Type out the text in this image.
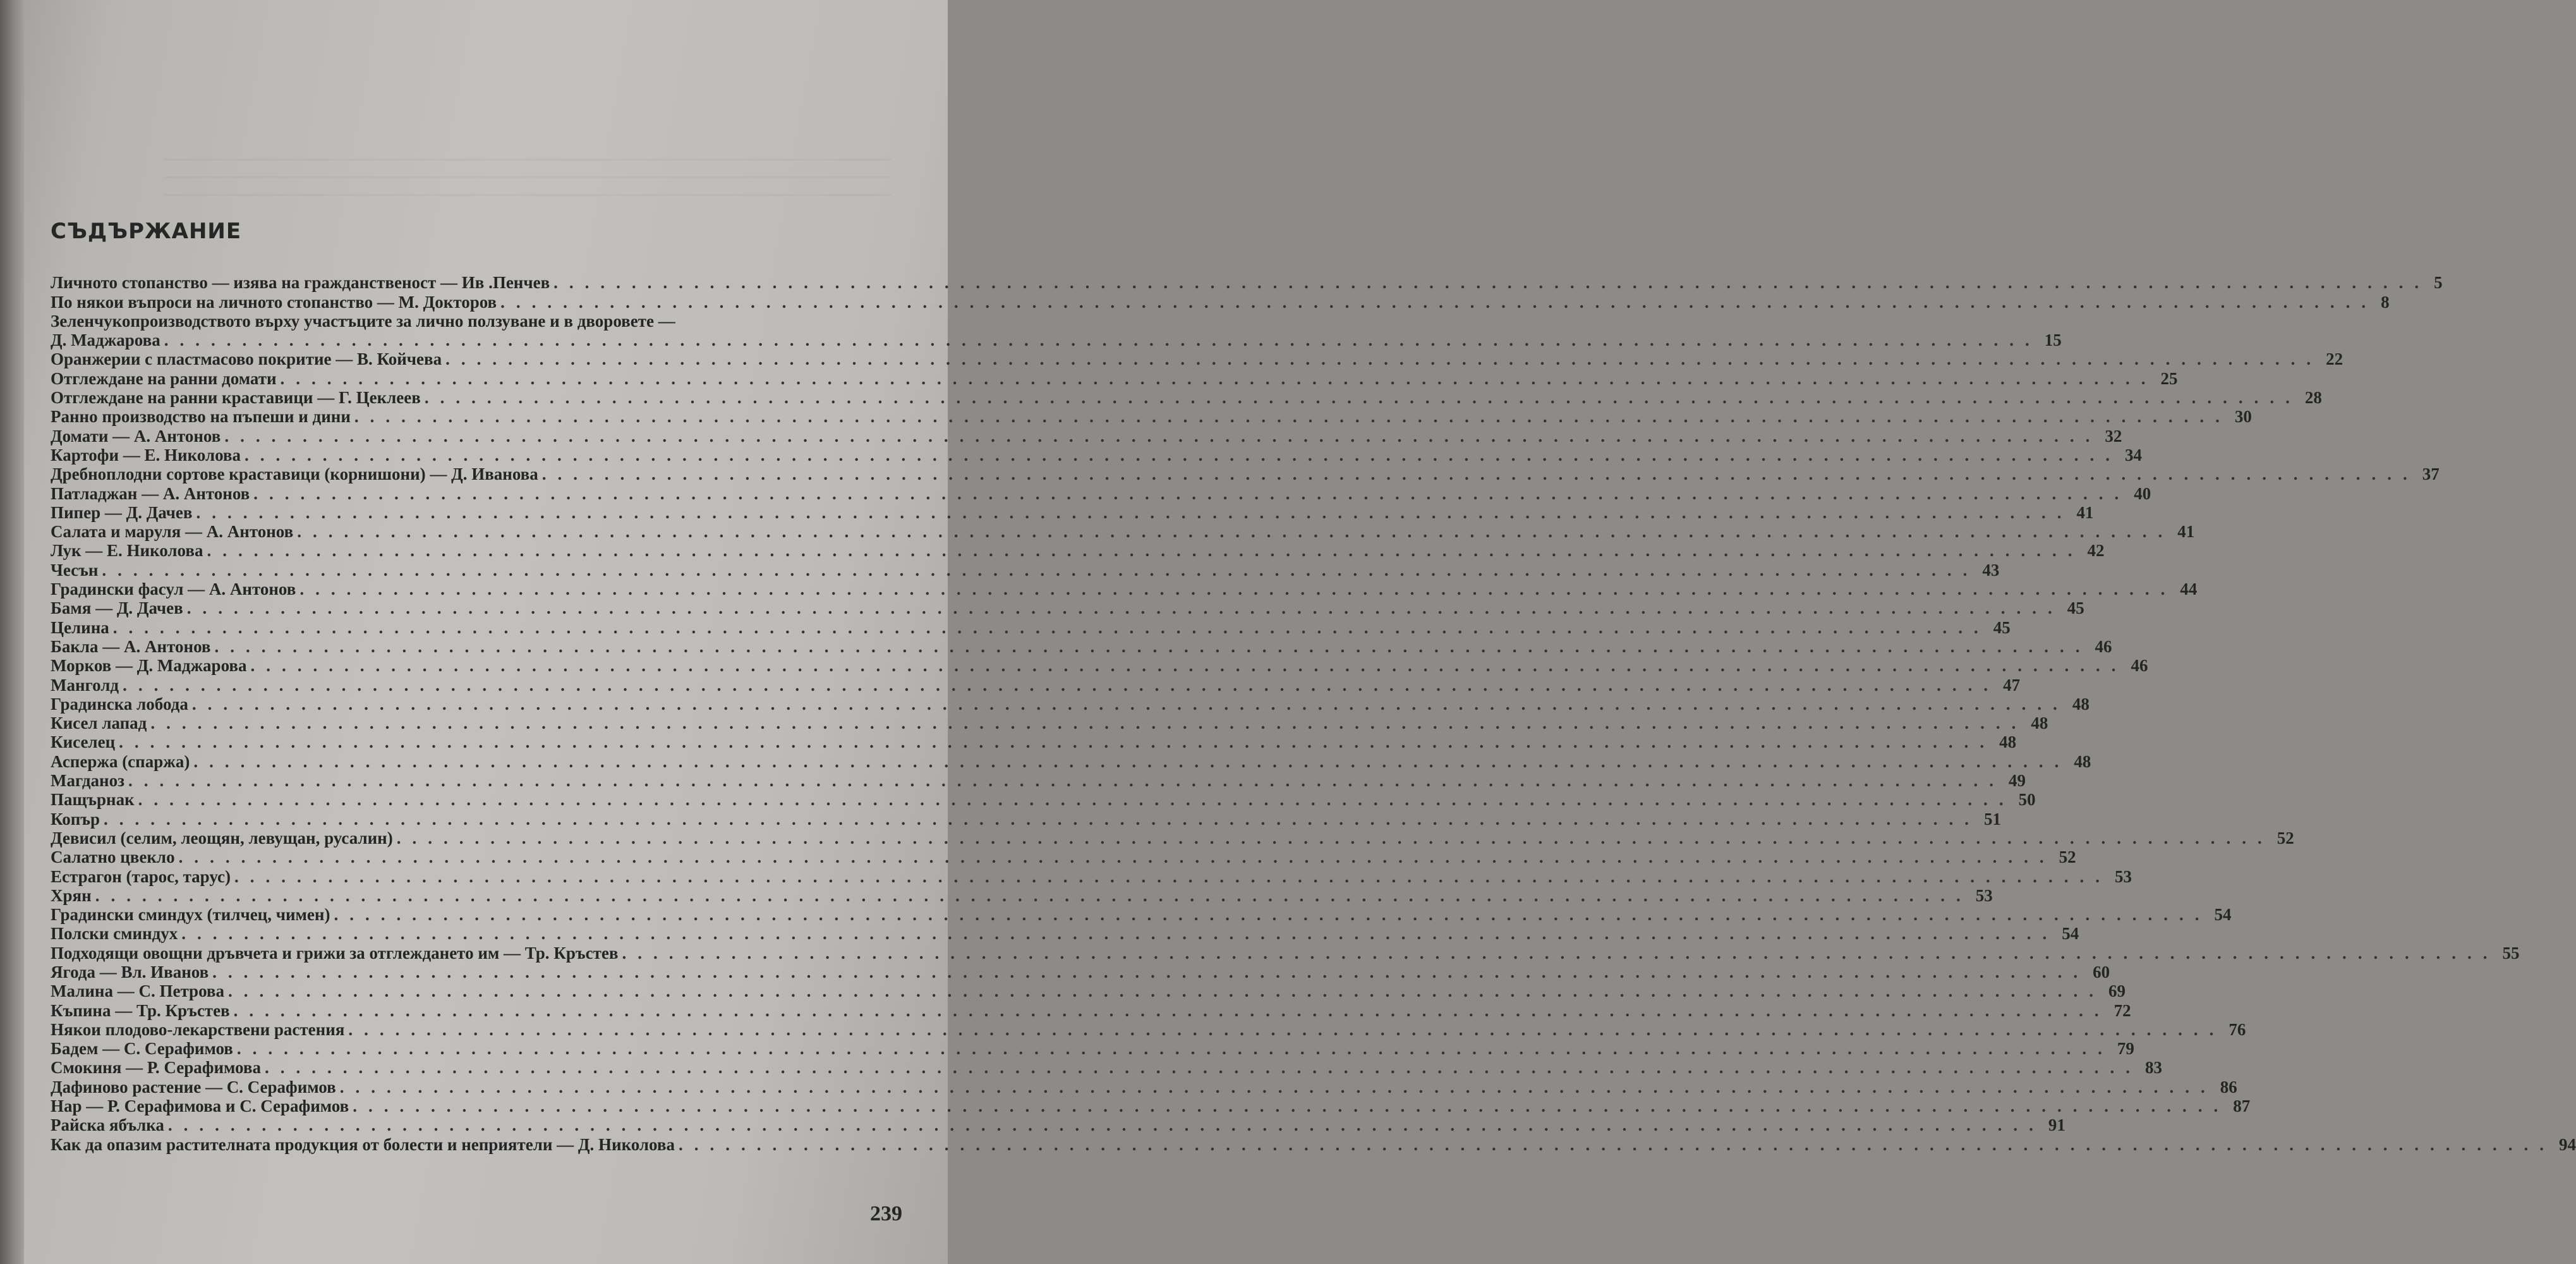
СЪДЪРЖАНИЕ
Личното стопанство — изява на гражданственост — Ив .Пенчев ........................................................................................................................ 5
По някои въпроси на личното стопанство — М. Докторов ........................................................................................................................ 8
Зеленчукопроизводството върху участъците за лично ползуване и в дворовете —
Д. Маджарова ........................................................................................................................ 15
Оранжерии с пластмасово покритие — В. Койчева ........................................................................................................................ 22
Отглеждане на ранни домати ........................................................................................................................ 25
Отглеждане на ранни краставици — Г. Цеклеев ........................................................................................................................ 28
Ранно производство на пъпеши и дини ........................................................................................................................ 30
Домати — А. Антонов ........................................................................................................................ 32
Картофи — Е. Николова ........................................................................................................................ 34
Дребноплодни сортове краставици (корнишони) — Д. Иванова ........................................................................................................................ 37
Патладжан — А. Антонов ........................................................................................................................ 40
Пипер — Д. Дачев ........................................................................................................................ 41
Салата и маруля — А. Антонов ........................................................................................................................ 41
Лук — Е. Николова ........................................................................................................................ 42
Чесън ........................................................................................................................ 43
Градински фасул — А. Антонов ........................................................................................................................ 44
Бамя — Д. Дачев ........................................................................................................................ 45
Целина ........................................................................................................................ 45
Бакла — А. Антонов ........................................................................................................................ 46
Морков — Д. Маджарова ........................................................................................................................ 46
Манголд ........................................................................................................................ 47
Градинска лобода ........................................................................................................................ 48
Кисел лапад ........................................................................................................................ 48
Киселец ........................................................................................................................ 48
Аспержа (спаржа) ........................................................................................................................ 48
Магданоз ........................................................................................................................ 49
Пащърнак ........................................................................................................................ 50
Копър ........................................................................................................................ 51
Девисил (селим, леощян, левущан, русалин) ........................................................................................................................ 52
Салатно цвекло ........................................................................................................................ 52
Естрагон (тарос, тарус) ........................................................................................................................ 53
Хрян ........................................................................................................................ 53
Градински сминдух (тилчец, чимен) ........................................................................................................................ 54
Полски сминдух ........................................................................................................................ 54
Подходящи овощни дръвчета и грижи за отглеждането им — Тр. Кръстев ........................................................................................................................ 55
Ягода — Вл. Иванов ........................................................................................................................ 60
Малина — С. Петрова ........................................................................................................................ 69
Къпина — Тр. Кръстев ........................................................................................................................ 72
Някои плодово-лекарствени растения ........................................................................................................................ 76
Бадем — С. Серафимов ........................................................................................................................ 79
Смокиня — Р. Серафимова ........................................................................................................................ 83
Дафиново растение — С. Серафимов ........................................................................................................................ 86
Нар — Р. Серафимова и С. Серафимов ........................................................................................................................ 87
Райска ябълка ........................................................................................................................ 91
Как да опазим растителната продукция от болести и неприятели — Д. Николова ........................................................................................................................ 94
239
